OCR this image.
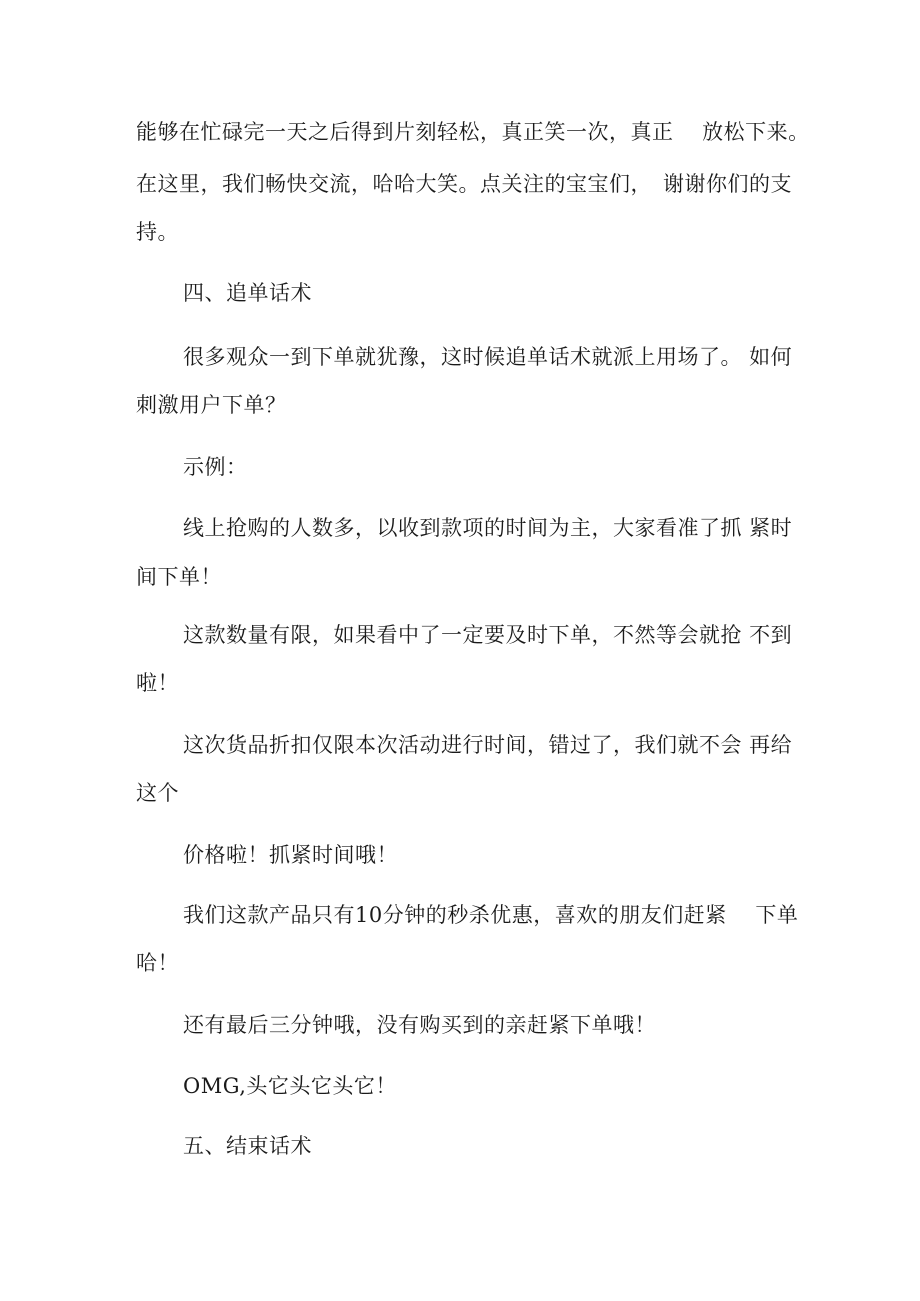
能够在忙碌完一天之后得到片刻轻松，真正笑一次，真正　 放松下来。
在这里，我们畅快交流，哈哈大笑。点关注的宝宝们，　谢谢你们的支
持。
四、追单话术
很多观众一到下单就犹豫，这时候追单话术就派上用场了。 如何
刺激用户下单？
示例：
线上抢购的人数多，以收到款项的时间为主，大家看准了抓 紧时
间下单！
这款数量有限，如果看中了一定要及时下单，不然等会就抢 不到
啦！
这次货品折扣仅限本次活动进行时间，错过了，我们就不会 再给
这个
价格啦！抓紧时间哦！
我们这款产品只有10分钟的秒杀优惠，喜欢的朋友们赶紧　 下单
哈！
还有最后三分钟哦，没有购买到的亲赶紧下单哦！
OMG,头它头它头它！
五、结束话术
